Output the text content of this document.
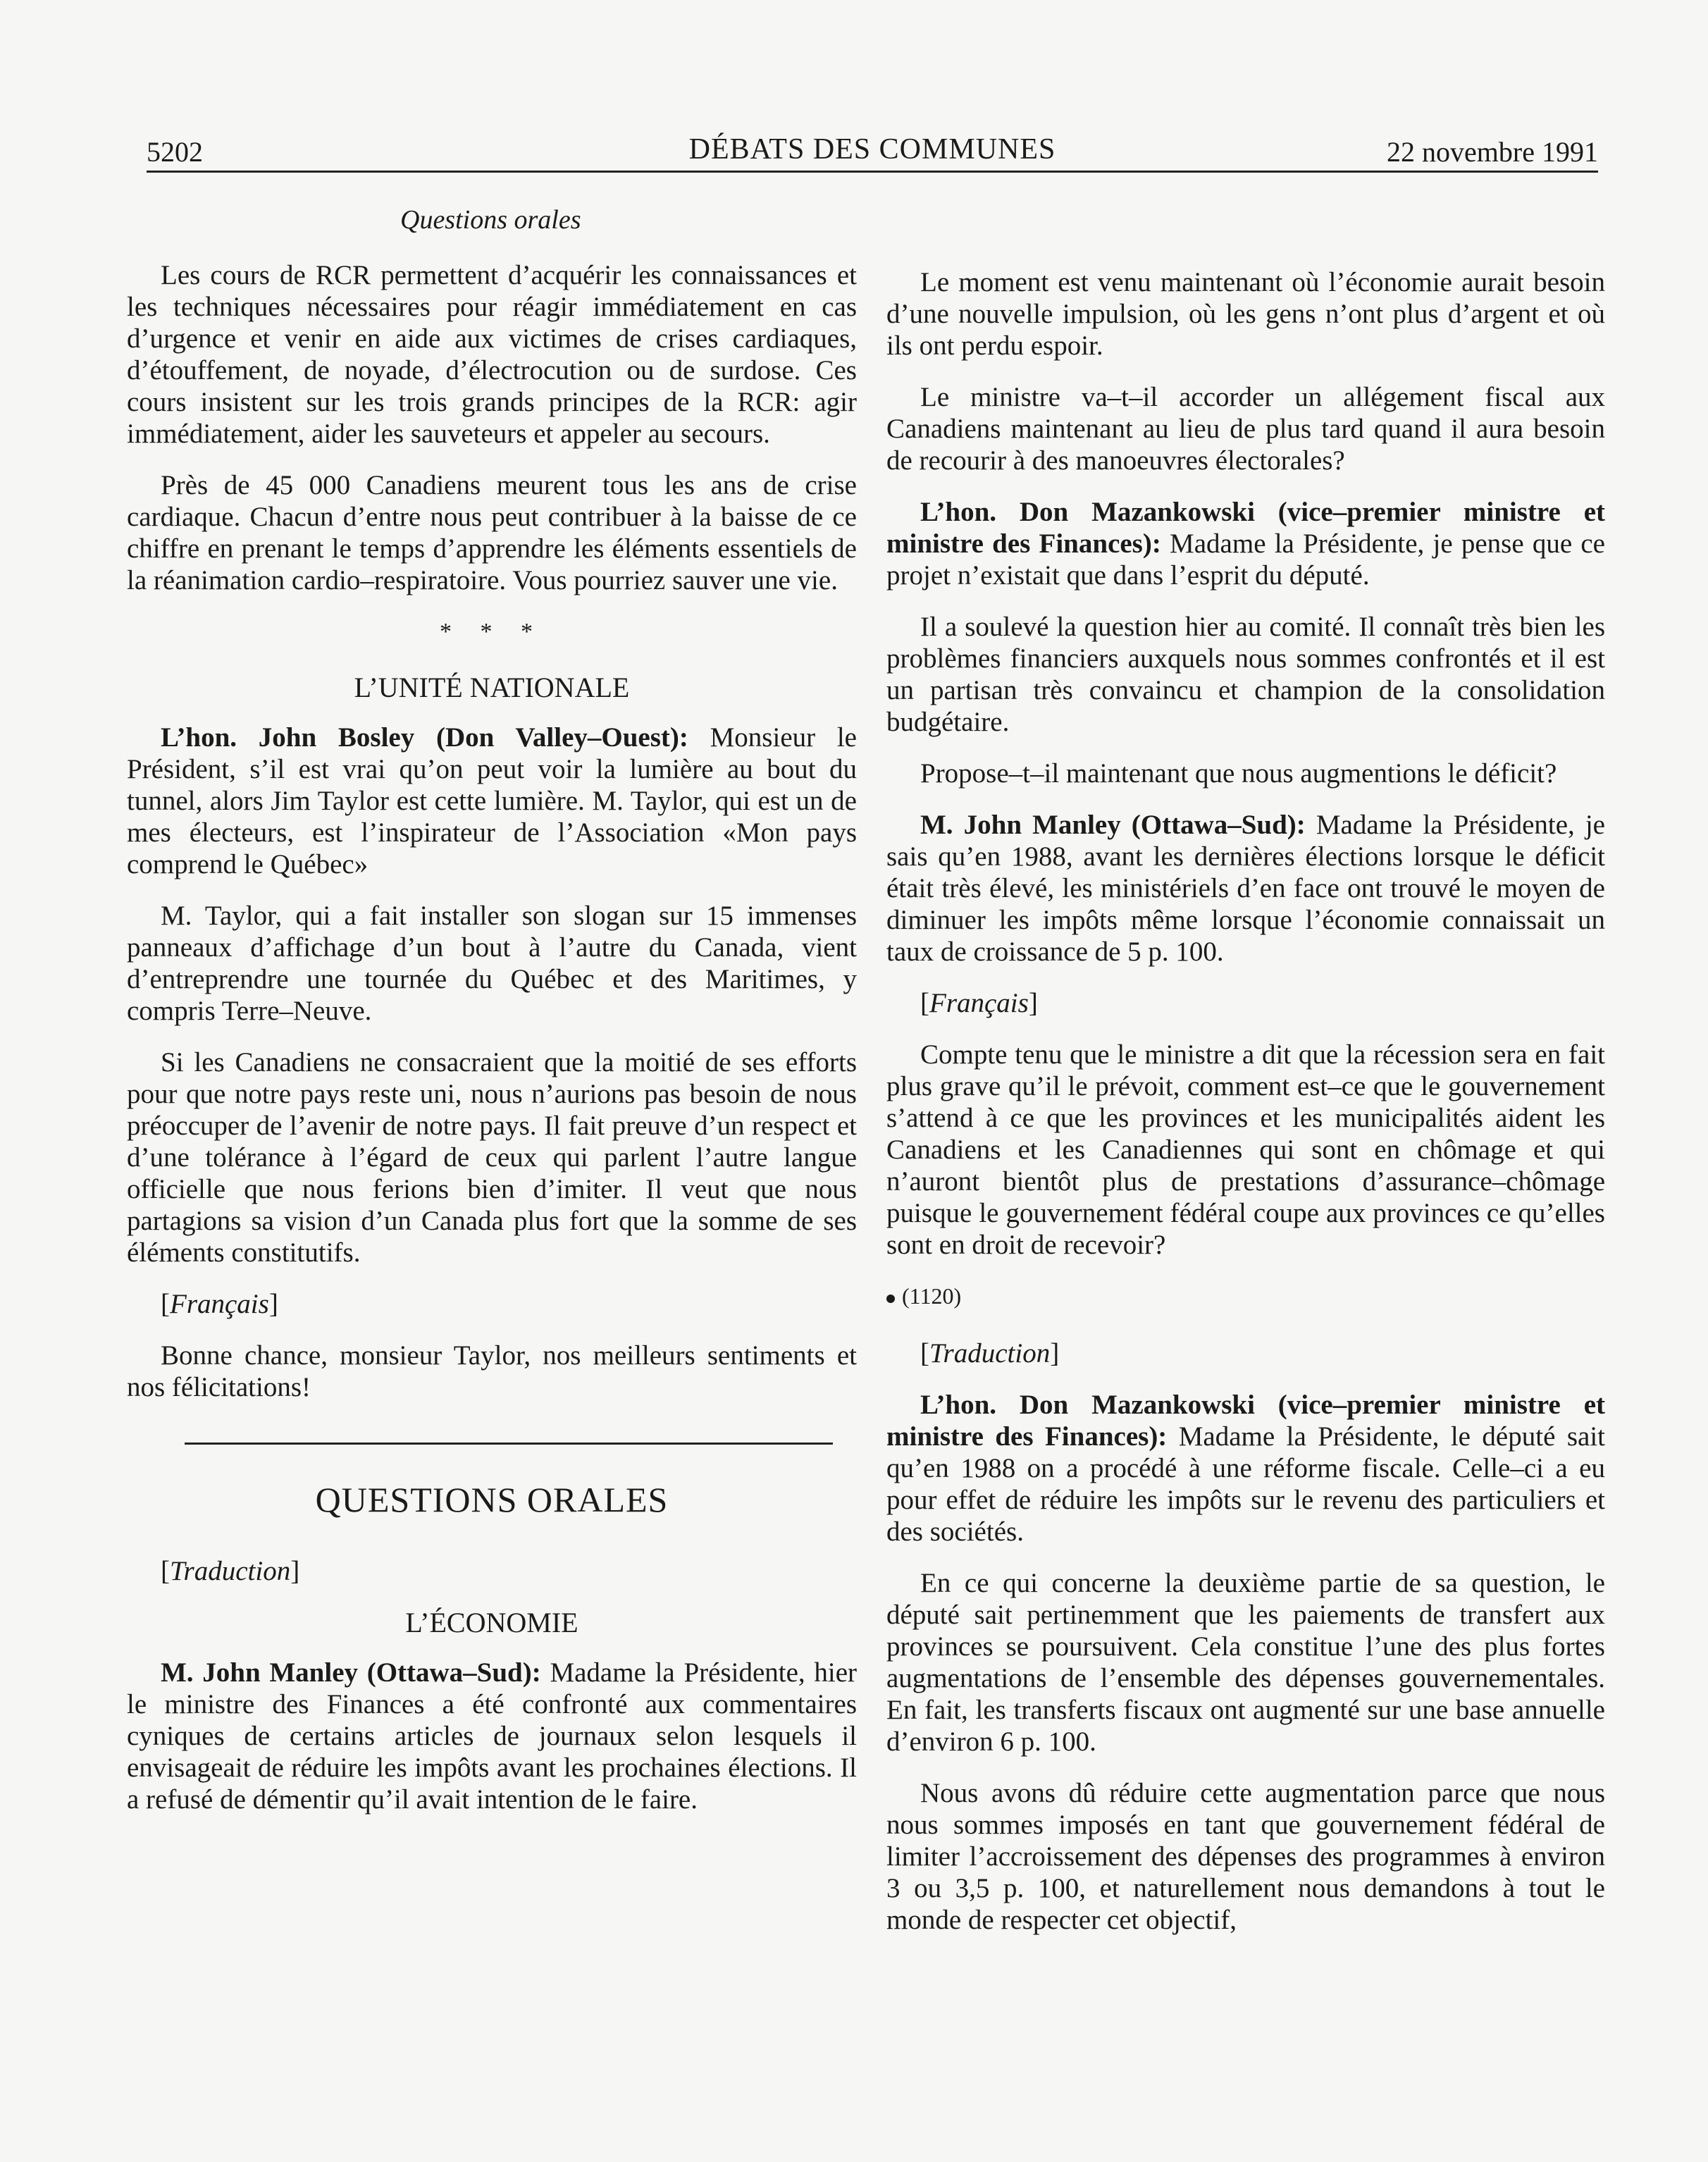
5202	DÉBATS DES COMMUNES	22 novembre 1991
Questions orales

Les cours de RCR permettent d’acquérir les connaissances et les techniques nécessaires pour réagir immédiatement en cas d’urgence et venir en aide aux victimes de crises cardiaques, d’étouffement, de noyade, d’électrocution ou de surdose. Ces cours insistent sur les trois grands principes de la RCR: agir immédiatement, aider les sauveteurs et appeler au secours.

Près de 45 000 Canadiens meurent tous les ans de crise cardiaque. Chacun d’entre nous peut contribuer à la baisse de ce chiffre en prenant le temps d’apprendre les éléments essentiels de la réanimation cardio–respiratoire. Vous pourriez sauver une vie.

* * *
L’UNITÉ NATIONALE

L’hon. John Bosley (Don Valley–Ouest): Monsieur le Président, s’il est vrai qu’on peut voir la lumière au bout du tunnel, alors Jim Taylor est cette lumière. M. Taylor, qui est un de mes électeurs, est l’inspirateur de l’Association «Mon pays comprend le Québec»

M. Taylor, qui a fait installer son slogan sur 15 immenses panneaux d’affichage d’un bout à l’autre du Canada, vient d’entreprendre une tournée du Québec et des Maritimes, y compris Terre–Neuve.

Si les Canadiens ne consacraient que la moitié de ses efforts pour que notre pays reste uni, nous n’aurions pas besoin de nous préoccuper de l’avenir de notre pays. Il fait preuve d’un respect et d’une tolérance à l’égard de ceux qui parlent l’autre langue officielle que nous ferions bien d’imiter. Il veut que nous partagions sa vision d’un Canada plus fort que la somme de ses éléments constitutifs.

[Français]

Bonne chance, monsieur Taylor, nos meilleurs sentiments et nos félicitations!

QUESTIONS ORALES

[Traduction]

L’ÉCONOMIE

M. John Manley (Ottawa–Sud): Madame la Présidente, hier le ministre des Finances a été confronté aux commentaires cyniques de certains articles de journaux selon lesquels il envisageait de réduire les impôts avant les prochaines élections. Il a refusé de démentir qu’il avait intention de le faire.

Le moment est venu maintenant où l’économie aurait besoin d’une nouvelle impulsion, où les gens n’ont plus d’argent et où ils ont perdu espoir.

Le ministre va–t–il accorder un allégement fiscal aux Canadiens maintenant au lieu de plus tard quand il aura besoin de recourir à des manoeuvres électorales?

L’hon. Don Mazankowski (vice–premier ministre et ministre des Finances): Madame la Présidente, je pense que ce projet n’existait que dans l’esprit du député.

Il a soulevé la question hier au comité. Il connaît très bien les problèmes financiers auxquels nous sommes confrontés et il est un partisan très convaincu et champion de la consolidation budgétaire.

Propose–t–il maintenant que nous augmentions le déficit?

M. John Manley (Ottawa–Sud): Madame la Présidente, je sais qu’en 1988, avant les dernières élections lorsque le déficit était très élevé, les ministériels d’en face ont trouvé le moyen de diminuer les impôts même lorsque l’économie connaissait un taux de croissance de 5 p. 100.

[Français]

Compte tenu que le ministre a dit que la récession sera en fait plus grave qu’il le prévoit, comment est–ce que le gouvernement s’attend à ce que les provinces et les municipalités aident les Canadiens et les Canadiennes qui sont en chômage et qui n’auront bientôt plus de prestations d’assurance–chômage puisque le gouvernement fédéral coupe aux provinces ce qu’elles sont en droit de recevoir?

(1120)

[Traduction]

L’hon. Don Mazankowski (vice–premier ministre et ministre des Finances): Madame la Présidente, le député sait qu’en 1988 on a procédé à une réforme fiscale. Celle–ci a eu pour effet de réduire les impôts sur le revenu des particuliers et des sociétés.

En ce qui concerne la deuxième partie de sa question, le député sait pertinemment que les paiements de transfert aux provinces se poursuivent. Cela constitue l’une des plus fortes augmentations de l’ensemble des dépenses gouvernementales. En fait, les transferts fiscaux ont augmenté sur une base annuelle d’environ 6 p. 100.

Nous avons dû réduire cette augmentation parce que nous nous sommes imposés en tant que gouvernement fédéral de limiter l’accroissement des dépenses des programmes à environ 3 ou 3,5 p. 100, et naturellement nous demandons à tout le monde de respecter cet objectif,
